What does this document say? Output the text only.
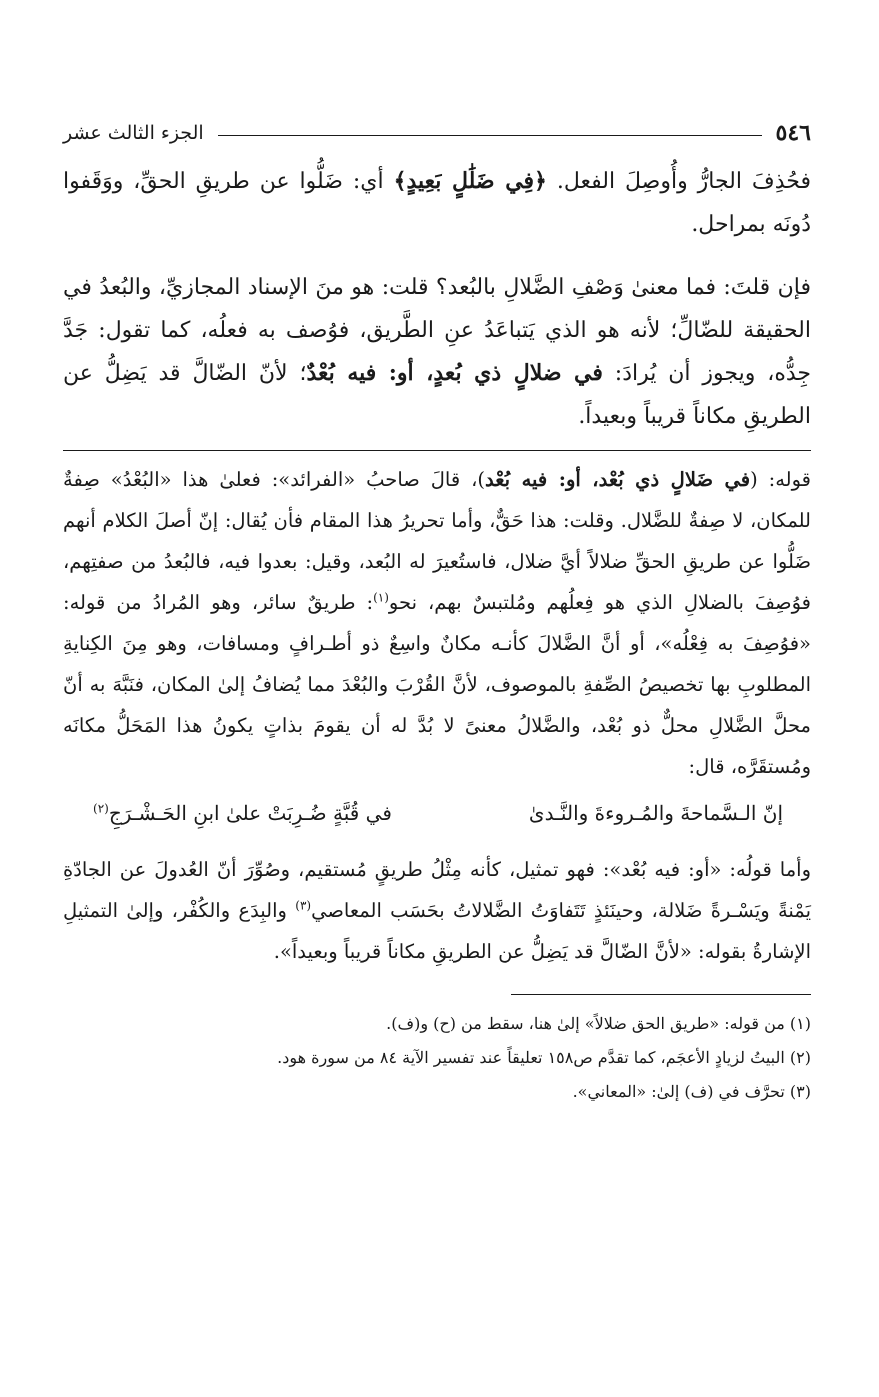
٥٤٦
الجزء الثالث عشر

فحُذِفَ الجارُّ وأُوصِلَ الفعل. ﴿فِي ضَلَٰلٍ بَعِيدٍ﴾ أي: ضَلُّوا عن طريقِ الحقِّ، ووَقَفوا دُونَه بمراحل.

فإن قلتَ: فما معنىٰ وَصْفِ الضَّلالِ بالبُعد؟ قلت: هو منَ الإسناد المجازيِّ، والبُعدُ في الحقيقة للضّالِّ؛ لأنه هو الذي يَتباعَدُ عنِ الطَّريق، فوُصف به فعلُه، كما تقول: جَدَّ جِدُّه، ويجوز أن يُرادَ: في ضلالٍ ذي بُعدٍ، أو: فيه بُعْدٌ؛ لأنّ الضّالَّ قد يَضِلُّ عن الطريقِ مكاناً قريباً وبعيداً.

قوله: (في ضَلالٍ ذي بُعْد، أو: فيه بُعْد)، قالَ صاحبُ «الفرائد»: فعلىٰ هذا «البُعْدُ» صِفةٌ للمكان، لا صِفةٌ للضَّلال. وقلت: هذا حَقٌّ، وأما تحريرُ هذا المقام فأن يُقال: إنّ أصلَ الكلام أنهم ضَلُّوا عن طريقِ الحقِّ ضلالاً أيَّ ضلال، فاستُعيرَ له البُعد، وقيل: بعدوا فيه، فالبُعدُ من صفتِهم، فوُصِفَ بالضلالِ الذي هو فِعلُهم ومُلتبسٌ بهم، نحو$^{(١)}$: طريقٌ سائر، وهو المُرادُ من قوله: «فوُصِفَ به فِعْلُه»، أو أنَّ الضَّلالَ كأنـه مكانٌ واسِعٌ ذو أطـرافٍ ومسافات، وهو مِنَ الكِنايةِ المطلوبِ بها تخصيصُ الصِّفةِ بالموصوف، لأنَّ القُرْبَ والبُعْدَ مما يُضافُ إلىٰ المكان، فنَبَّهَ به أنّ محلَّ الضَّلالِ محلٌّ ذو بُعْد، والضَّلالُ معنىً لا بُدَّ له أن يقومَ بذاتٍ يكونُ هذا المَحَلُّ مكانَه ومُستقَرَّه، قال:

إنّ الـسَّماحةَ والمُـروءةَ والنَّـدىٰ
في قُبَّةٍ ضُـرِبَتْ علىٰ ابنِ الحَـشْـرَجِ$^{(٢)}$

وأما قولُه: «أو: فيه بُعْد»: فهو تمثيل، كأنه مِثْلُ طريقٍ مُستقيم، وصُوِّرَ أنّ العُدولَ عن الجادّةِ يَمْنةً ويَسْـرةً ضَلالة، وحينَئذٍ تَتَفاوَتُ الضَّلالاتُ بحَسَب المعاصي$^{(٣)}$ والبِدَع والكُفْر، وإلىٰ التمثيلِ الإشارةُ بقوله: «لأنَّ الضّالَّ قد يَضِلُّ عن الطريقِ مكاناً قريباً وبعيداً».

(١) من قوله: «طريق الحق ضلالاً» إلىٰ هنا، سقط من (ح) و(ف).
(٢) البيتُ لزيادٍ الأعجَم، كما تقدَّم ص١٥٨ تعليقاً عند تفسير الآية ٨٤ من سورة هود.
(٣) تحرَّف في (ف) إلىٰ: «المعاني».
